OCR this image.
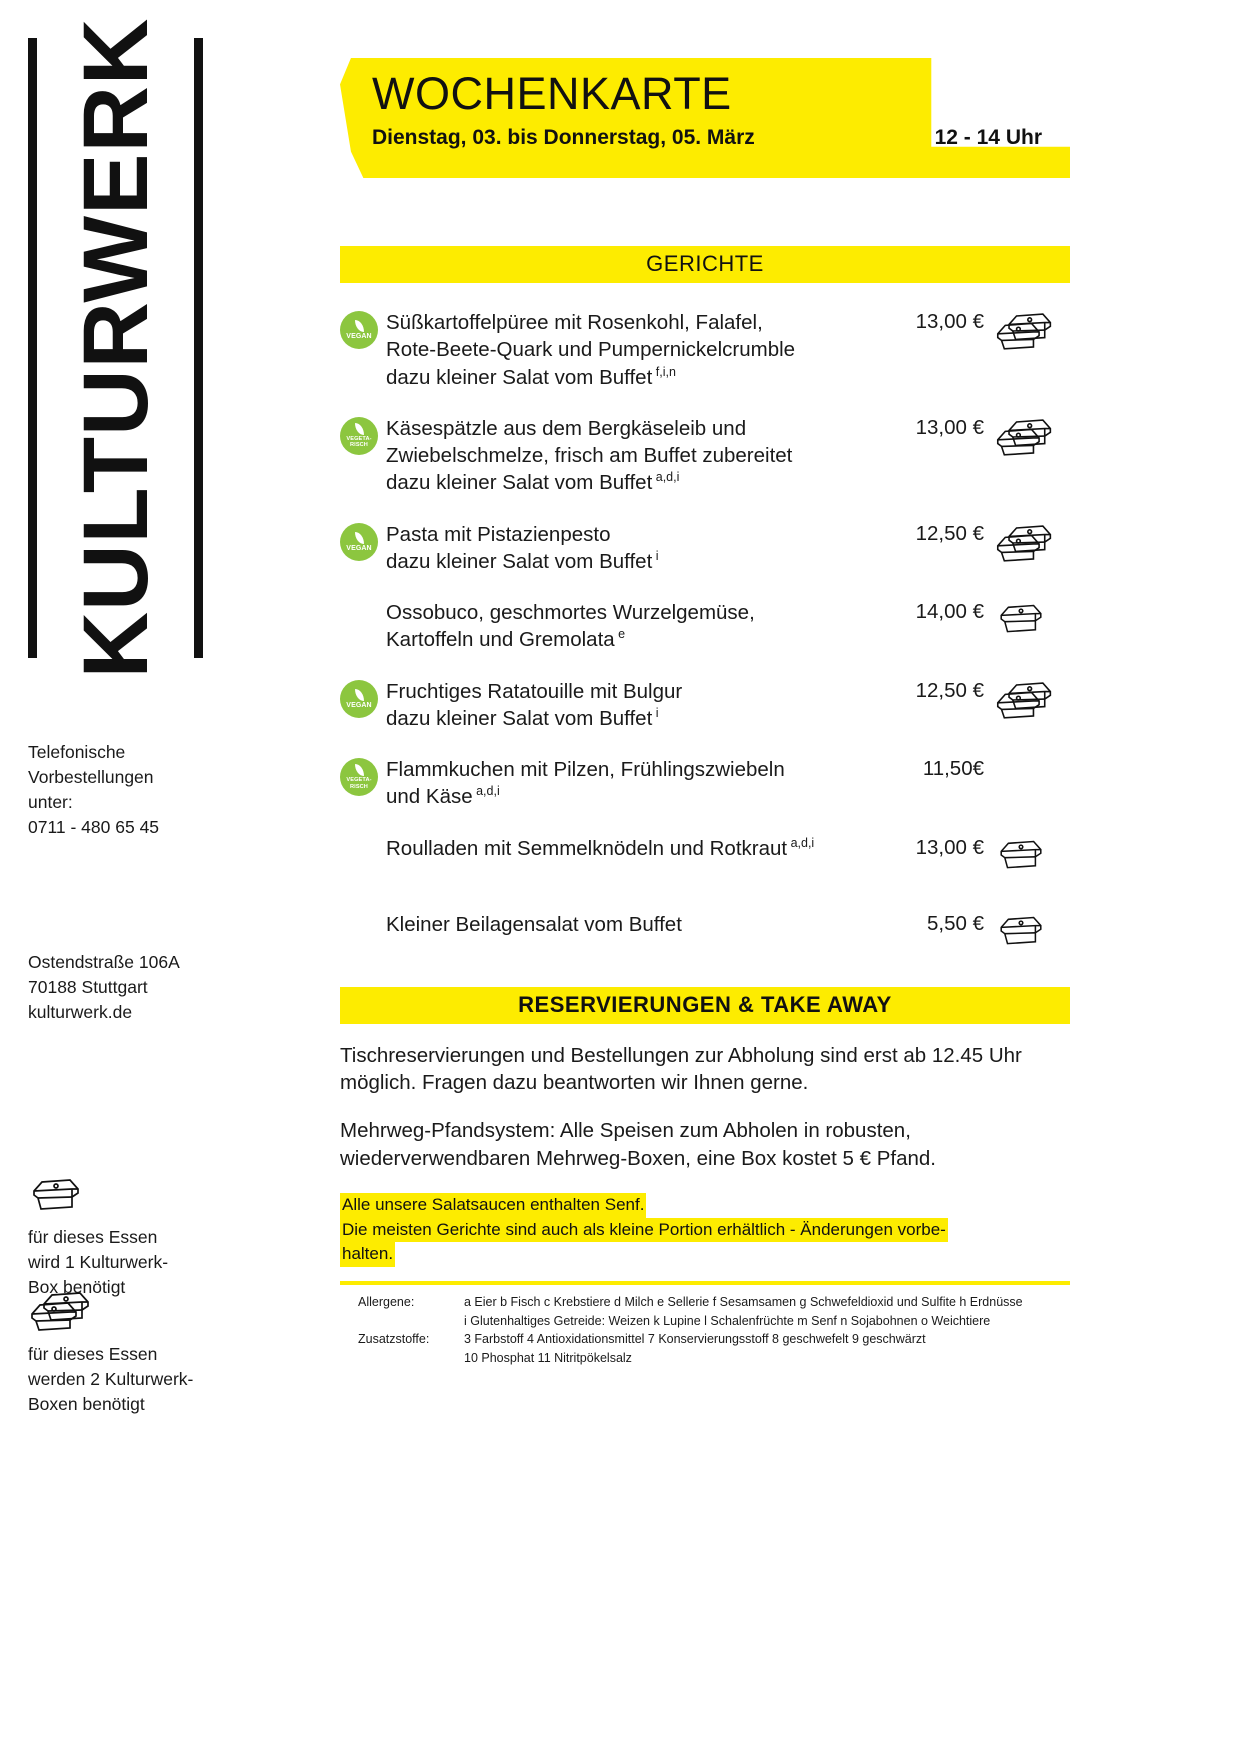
KULTURWERK
Telefonische
Vorbestellungen
unter:
0711 - 480 65 45
Ostendstraße 106A
70188 Stuttgart
kulturwerk.de
für dieses Essen
wird 1 Kulturwerk-
Box benötigt
für dieses Essen
werden 2 Kulturwerk-
Boxen benötigt
WOCHENKARTE
Dienstag, 03. bis Donnerstag, 05. März	12 - 14 Uhr
GERICHTE
VEGAN
Süßkartoffelpüree mit Rosenkohl, Falafel,
Rote-Beete-Quark und Pumpernickelcrumble
dazu kleiner Salat vom Buffet $^{f,i,n}$
13,00 €
VEGETA-
RISCH
Käsespätzle aus dem Bergkäseleib und
Zwiebelschmelze, frisch am Buffet zubereitet
dazu kleiner Salat vom Buffet $^{a,d,i}$
13,00 €
VEGAN
Pasta mit Pistazienpesto
dazu kleiner Salat vom Buffet $^i$
12,50 €
Ossobuco, geschmortes Wurzelgemüse,
Kartoffeln und Gremolata $^e$
14,00 €
VEGAN
Fruchtiges Ratatouille mit Bulgur
dazu kleiner Salat vom Buffet $^i$
12,50 €
VEGETA-
RISCH
Flammkuchen mit Pilzen, Frühlingszwiebeln
und Käse $^{a,d,i}$
11,50€
Roulladen mit Semmelknödeln und Rotkraut $^{a,d,i}$	13,00 €
Kleiner Beilagensalat vom Buffet	5,50 €
RESERVIERUNGEN & TAKE AWAY

Tischreservierungen und Bestellungen zur Abholung sind erst ab 12.45 Uhr möglich. Fragen dazu beantworten wir Ihnen gerne.

Mehrweg-Pfandsystem: Alle Speisen zum Abholen in robusten, wiederverwendbaren Mehrweg-Boxen, eine Box kostet 5 € Pfand.

Alle unsere Salatsaucen enthalten Senf.
Die meisten Gerichte sind auch als kleine Portion erhältlich - Änderungen vorbe-
halten.
Allergene:	a Eier b Fisch c Krebstiere d Milch e Sellerie f Sesamsamen g Schwefeldioxid und Sulfite h Erdnüsse
i Glutenhaltiges Getreide: Weizen k Lupine l Schalenfrüchte m Senf n Sojabohnen o Weichtiere
Zusatzstoffe:	3 Farbstoff 4 Antioxidationsmittel 7 Konservierungsstoff 8 geschwefelt 9 geschwärzt
10 Phosphat 11 Nitritpökelsalz
